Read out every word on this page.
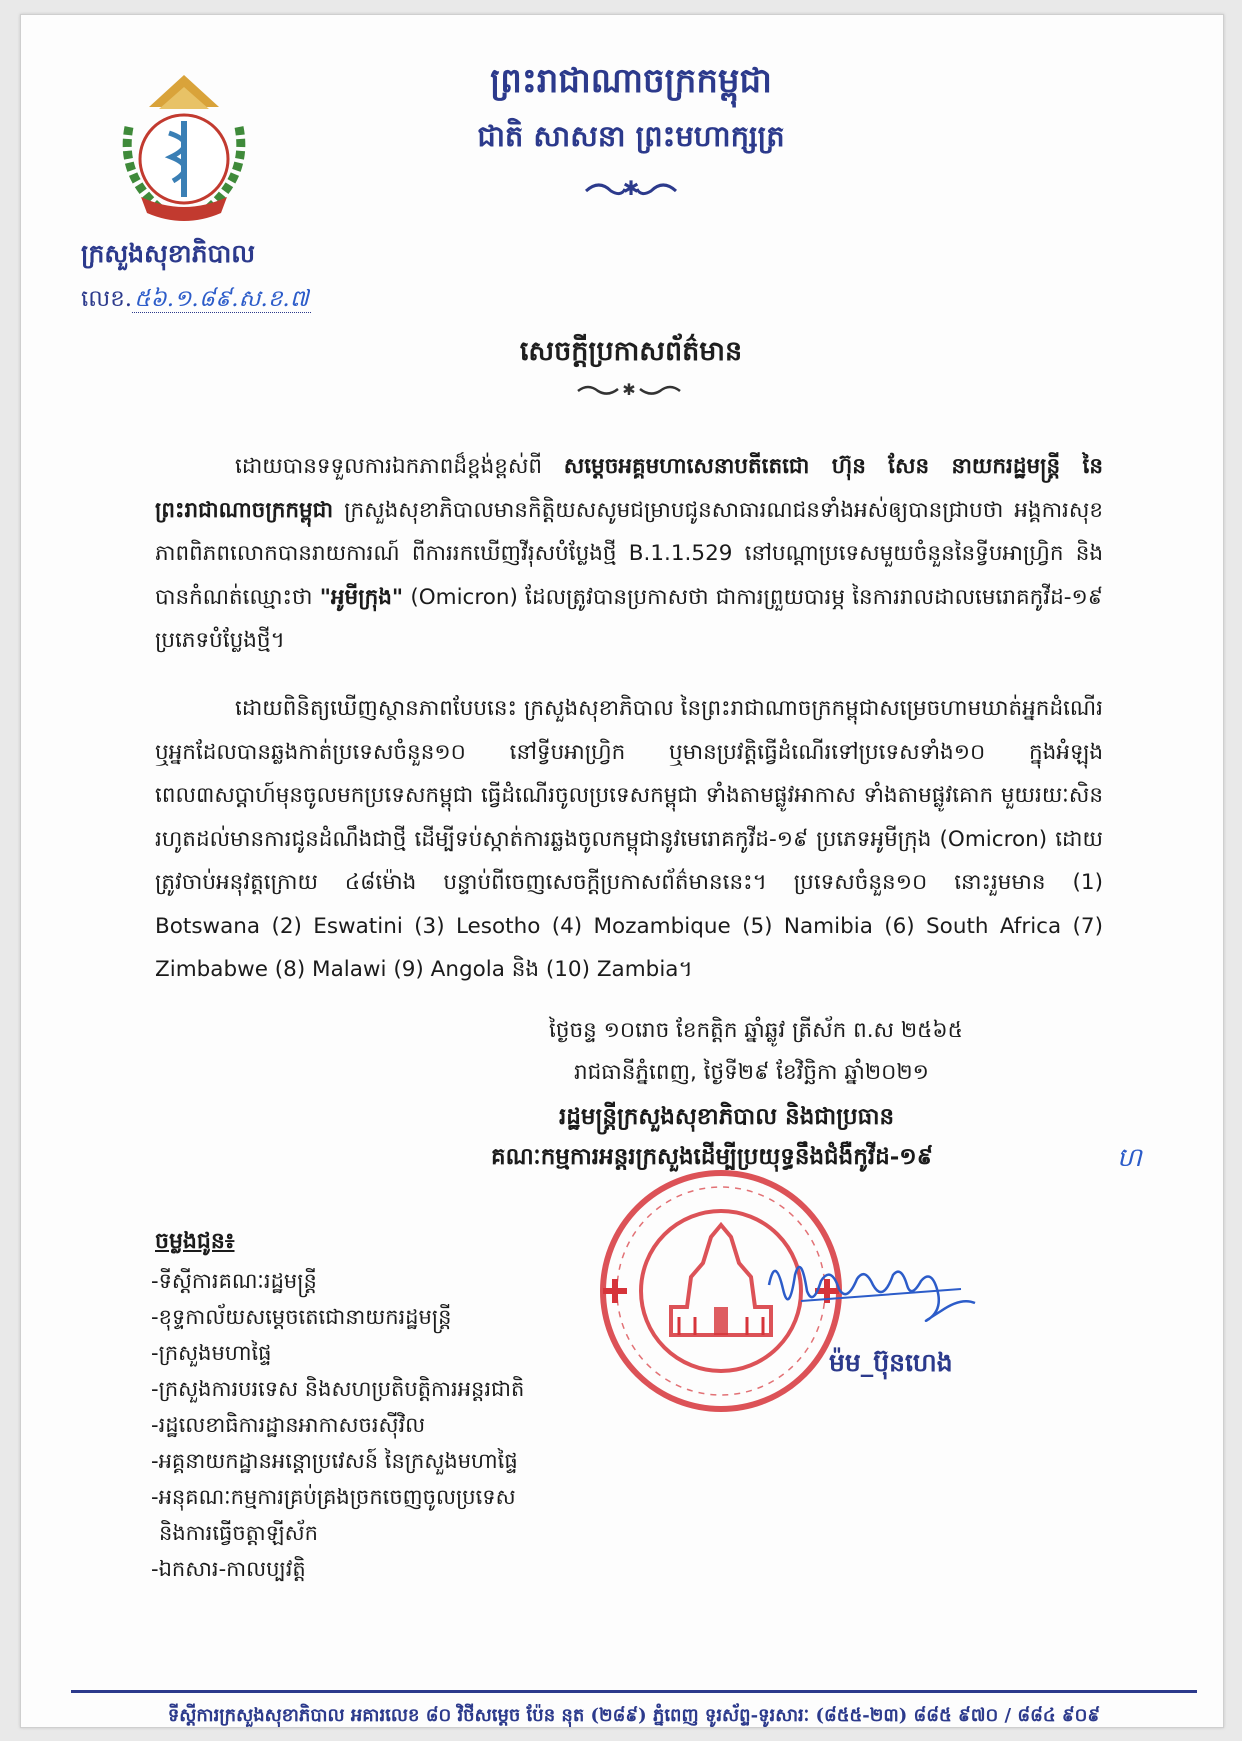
ក្រសួងសុខាភិបាល
លេខ.៥៦.១.៨៩.ស.ខ.៧
ព្រះរាជាណាចក្រកម្ពុជា
ជាតិ សាសនា ព្រះមហាក្សត្រ
✱
សេចក្តីប្រកាសព័ត៌មាន
✱
ដោយបានទទួលការឯកភាពដ៏ខ្ពង់ខ្ពស់ពី សម្តេចអគ្គមហាសេនាបតីតេជោ ហ៊ុន សែន នាយករដ្ឋមន្ត្រី នៃព្រះរាជាណាចក្រកម្ពុជា ក្រសួងសុខាភិបាលមានកិត្តិយសសូមជម្រាបជូនសាធារណជនទាំងអស់ឲ្យបានជ្រាបថា អង្គការសុខភាពពិភពលោកបានរាយការណ៍ ពីការរកឃើញវីរុសបំប្លែងថ្មី B.1.1.529 នៅបណ្តាប្រទេសមួយចំនួននៃទ្វីបអាហ្វ្រិក និងបានកំណត់ឈ្មោះថា "អូមីក្រុង" (Omicron) ដែលត្រូវបានប្រកាសថា ជាការព្រួយបារម្ភ នៃការរាលដាលមេរោគកូវីដ-១៩ ប្រភេទបំប្លែងថ្មី។
ដោយពិនិត្យឃើញស្ថានភាពបែបនេះ ក្រសួងសុខាភិបាល នៃព្រះរាជាណាចក្រកម្ពុជាសម្រេចហាមឃាត់អ្នកដំណើរ ឬអ្នកដែលបានឆ្លងកាត់ប្រទេសចំនួន១០ នៅទ្វីបអាហ្វ្រិក ឬមានប្រវត្តិធ្វើដំណើរទៅប្រទេសទាំង១០ ក្នុងអំឡុងពេល៣សប្តាហ៍មុនចូលមកប្រទេសកម្ពុជា ធ្វើដំណើរចូលប្រទេសកម្ពុជា ទាំងតាមផ្លូវអាកាស ទាំងតាមផ្លូវគោក មួយរយៈសិន រហូតដល់មានការជូនដំណឹងជាថ្មី ដើម្បីទប់ស្កាត់ការឆ្លងចូលកម្ពុជានូវមេរោគកូវីដ-១៩ ប្រភេទអូមីក្រុង (Omicron) ដោយត្រូវចាប់អនុវត្តក្រោយ ៤៨ម៉ោង បន្ទាប់ពីចេញសេចក្តីប្រកាសព័ត៌មាននេះ។ ប្រទេសចំនួន១០ នោះរួមមាន (1) Botswana (2) Eswatini (3) Lesotho (4) Mozambique (5) Namibia (6) South Africa (7) Zimbabwe (8) Malawi (9) Angola និង (10) Zambia។
ថ្ងៃចន្ទ ១០រោច ខែកត្តិក ឆ្នាំឆ្លូវ ត្រីស័ក ព.ស ២៥៦៥
រាជធានីភ្នំពេញ, ថ្ងៃទី២៩ ខែវិច្ឆិកា ឆ្នាំ២០២១
រដ្ឋមន្ត្រីក្រសួងសុខាភិបាល និងជាប្រធាន
គណៈកម្មការអន្តរក្រសួងដើម្បីប្រយុទ្ធនឹងជំងឺកូវីដ-១៩	ហ
ម៉ម_ប៊ុនហេង
ចម្លងជូន៖
-ទីស្តីការគណៈរដ្ឋមន្ត្រី
-ខុទ្ទកាល័យសម្តេចតេជោនាយករដ្ឋមន្ត្រី
-ក្រសួងមហាផ្ទៃ
-ក្រសួងការបរទេស និងសហប្រតិបត្តិការអន្តរជាតិ
-រដ្ឋលេខាធិការដ្ឋានអាកាសចរស៊ីវិល
-អគ្គនាយកដ្ឋានអន្តោប្រវេសន៍ នៃក្រសួងមហាផ្ទៃ
-អនុគណៈកម្មការគ្រប់គ្រងច្រកចេញចូលប្រទេស
និងការធ្វើចត្តាឡីស័ក
-ឯកសារ-កាលប្បវត្តិ
ទីស្តីការក្រសួងសុខាភិបាល អគារលេខ ៨០ វិថីសម្តេច ប៉ែន នុត (២៨៩) ភ្នំពេញ ទូរស័ព្ទ-ទូរសារៈ (៨៥៥-២៣) ៨៨៥ ៩៧០ / ៨៨៤ ៩០៩
